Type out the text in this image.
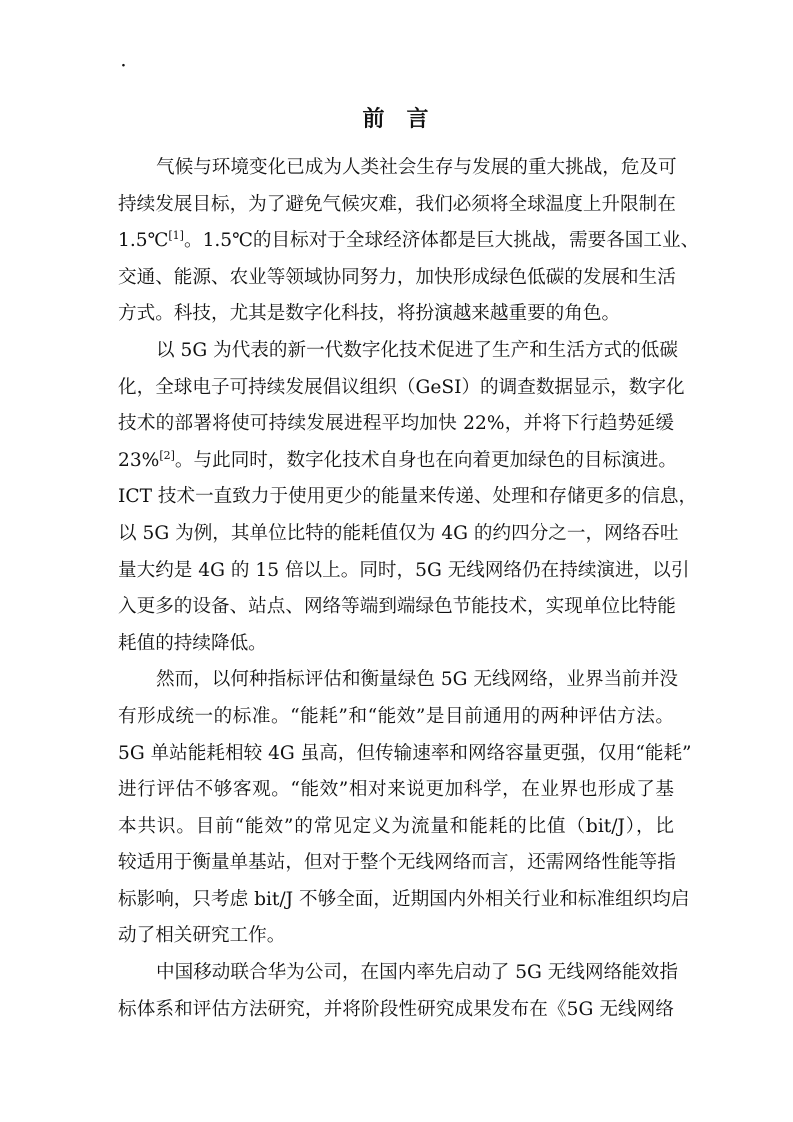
·
前 言
气候与环境变化已成为人类社会生存与发展的重大挑战，危及可
持续发展目标，为了避免气候灾难，我们必须将全球温度上升限制在
1.5℃[1]。1.5℃的目标对于全球经济体都是巨大挑战，需要各国工业、
交通、能源、农业等领域协同努力，加快形成绿色低碳的发展和生活
方式。科技，尤其是数字化科技，将扮演越来越重要的角色。
以 5G 为代表的新一代数字化技术促进了生产和生活方式的低碳
化，全球电子可持续发展倡议组织（GeSI）的调查数据显示，数字化
技术的部署将使可持续发展进程平均加快 22%，并将下行趋势延缓
23%[2]。与此同时，数字化技术自身也在向着更加绿色的目标演进。
ICT 技术一直致力于使用更少的能量来传递、处理和存储更多的信息，
以 5G 为例，其单位比特的能耗值仅为 4G 的约四分之一，网络吞吐
量大约是 4G 的 15 倍以上。同时，5G 无线网络仍在持续演进，以引
入更多的设备、站点、网络等端到端绿色节能技术，实现单位比特能
耗值的持续降低。
然而，以何种指标评估和衡量绿色 5G 无线网络，业界当前并没
有形成统一的标准。“能耗”和“能效”是目前通用的两种评估方法。
5G 单站能耗相较 4G 虽高，但传输速率和网络容量更强，仅用“能耗”
进行评估不够客观。“能效”相对来说更加科学，在业界也形成了基
本共识。目前“能效”的常见定义为流量和能耗的比值（bit/J），比
较适用于衡量单基站，但对于整个无线网络而言，还需网络性能等指
标影响，只考虑 bit/J 不够全面，近期国内外相关行业和标准组织均启
动了相关研究工作。
中国移动联合华为公司，在国内率先启动了 5G 无线网络能效指
标体系和评估方法研究，并将阶段性研究成果发布在《5G 无线网络
